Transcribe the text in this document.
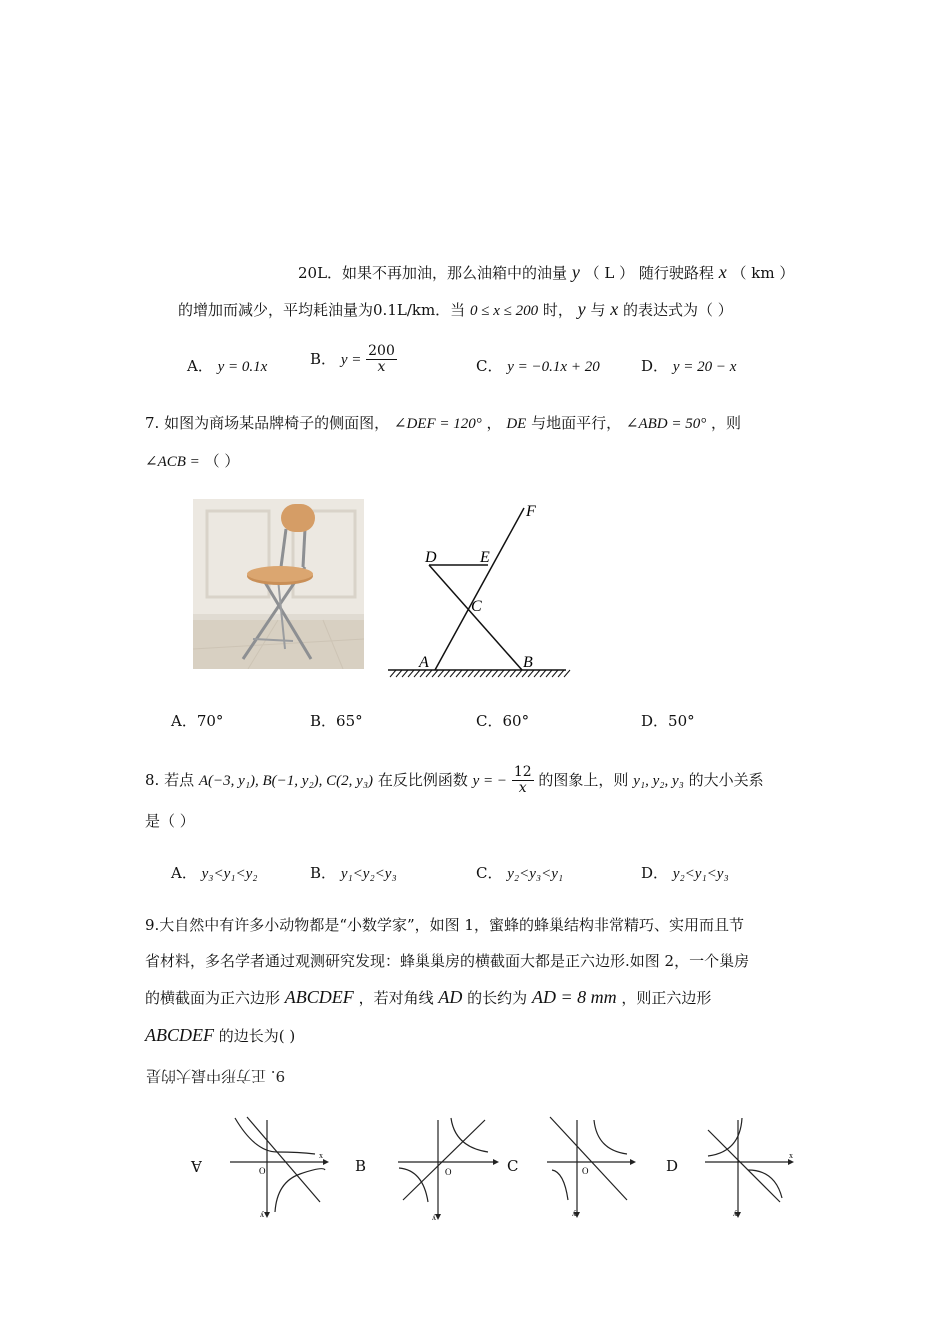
20L．如果不再加油，那么油箱中的油量 y （ L ） 随行驶路程 x （ km ）
的增加而减少，平均耗油量为0.1L/km．当 0 ≤ x ≤ 200 时， y 与 x 的表达式为（ ）
A． y = 0.1x	B． $y = \frac{200}{x}$	C． y = −0.1x + 20	D． y = 20 − x
7. 如图为商场某品牌椅子的侧面图， ∠DEF = 120° ， DE 与地面平行， ∠ABD = 50° ，则
∠ACB = （ ）
F
D	E
C
A	B
A．70°	B．65°	C．60°	D．50°
8. 若点 A(−3, y₁), B(−1, y₂), C(2, y₃) 在反比例函数 y = − $\frac{12}{x}$ 的图象上，则 y₁, y₂, y₃ 的大小关系
是（ ）
A． y₃<y₁<y₂	B． y₁<y₂<y₃	C． y₂<y₃<y₁	D． y₂<y₁<y₃
9.大自然中有许多小动物都是“小数学家”，如图 1，蜜蜂的蜂巢结构非常精巧、实用而且节
省材料，多名学者通过观测研究发现：蜂巢巢房的横截面大都是正六边形.如图 2，一个巢房
的横截面为正六边形 ABCDEF ，若对角线 AD 的长约为 AD = 8 mm ，则正六边形
ABCDEF 的边长为( )
9. 正方形中最大的是
A	B	C	D
O
x
y
O
y
O
y
x
y
